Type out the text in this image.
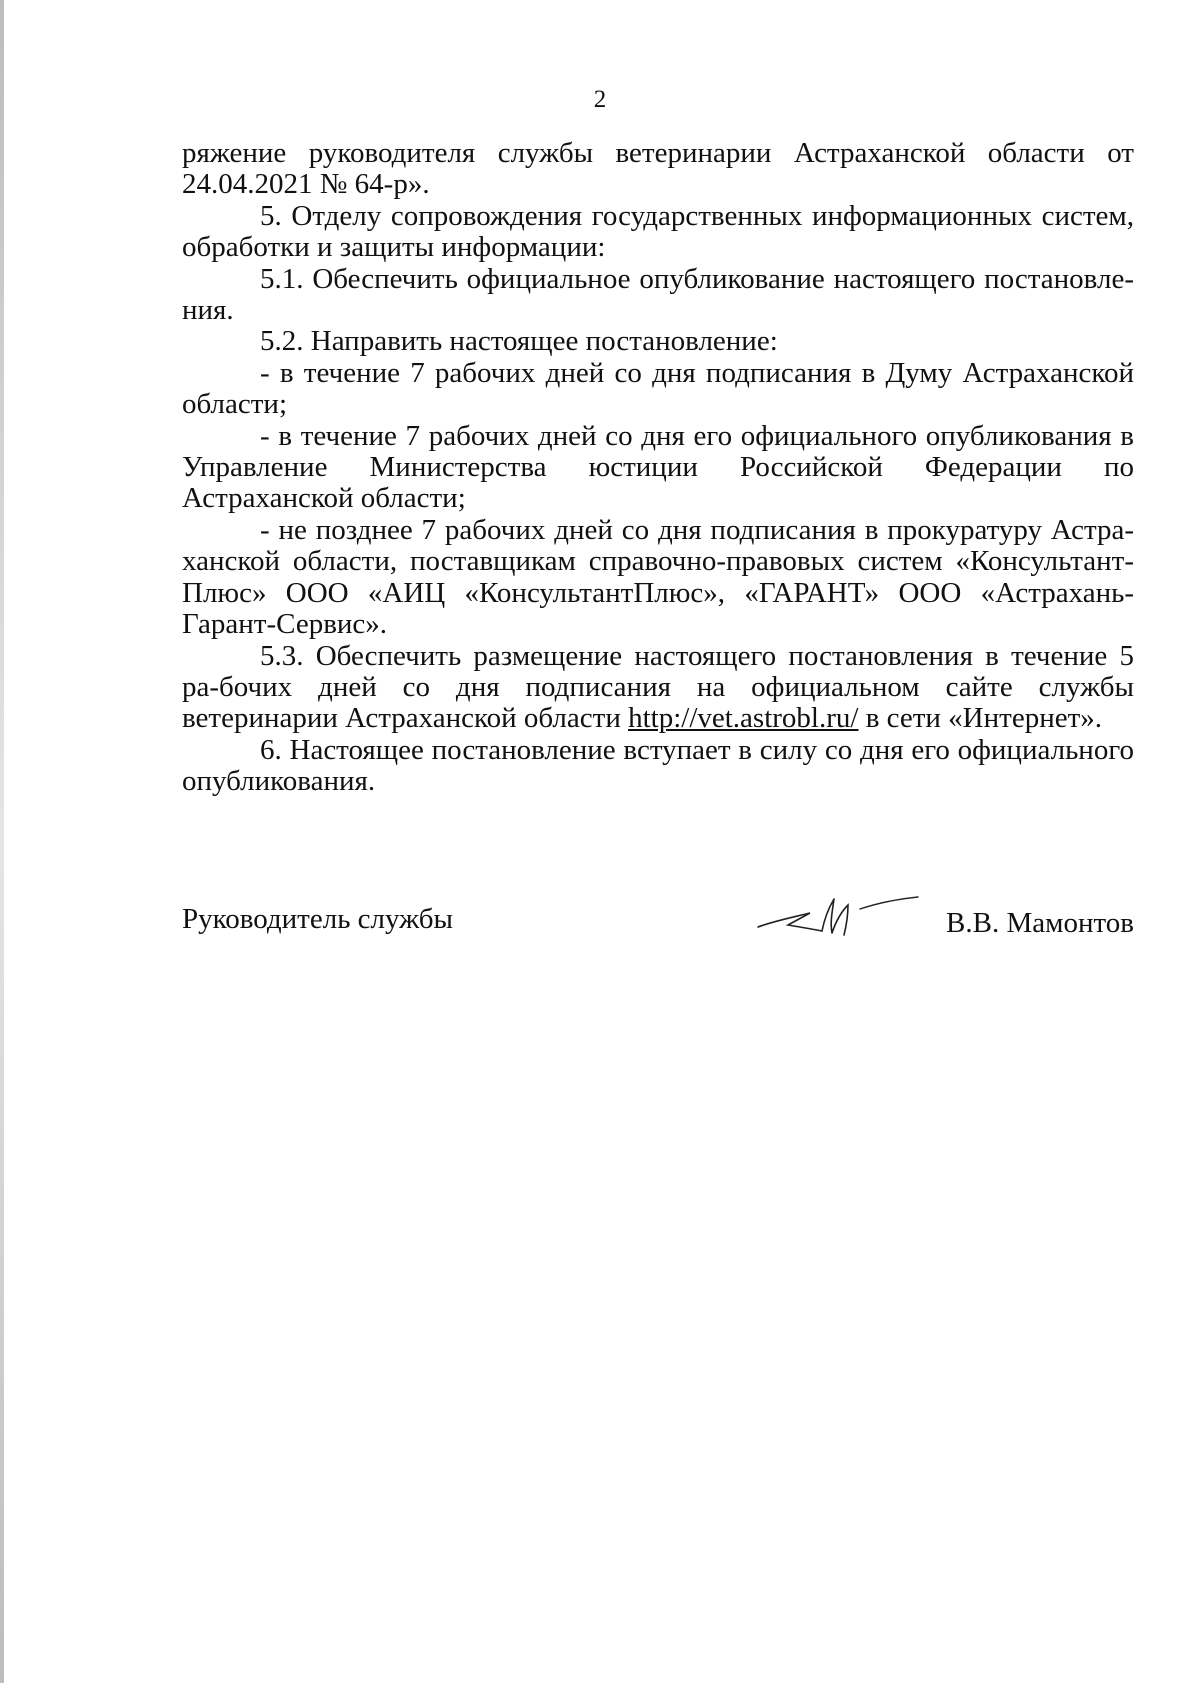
2

ряжение руководителя службы ветеринарии Астраханской области от 24.04.2021 № 64-р».

5. Отделу сопровождения государственных информационных систем, обработки и защиты информации:

5.1. Обеспечить официальное опубликование настоящего постановле-ния.

5.2. Направить настоящее постановление:

- в течение 7 рабочих дней со дня подписания в Думу Астраханской области;

- в течение 7 рабочих дней со дня его официального опубликования в Управление Министерства юстиции Российской Федерации по Астраханской области;

- не позднее 7 рабочих дней со дня подписания в прокуратуру Астра-ханской области, поставщикам справочно-правовых систем «Консультант-Плюс» ООО «АИЦ «КонсультантПлюс», «ГАРАНТ» ООО «Астрахань-Гарант-Сервис».

5.3. Обеспечить размещение настоящего постановления в течение 5 ра-бочих дней со дня подписания на официальном сайте службы ветеринарии Астраханской области http://vet.astrobl.ru/ в сети «Интернет».

6. Настоящее постановление вступает в силу со дня его официального опубликования.

Руководитель службы	В.В. Мамонтов
